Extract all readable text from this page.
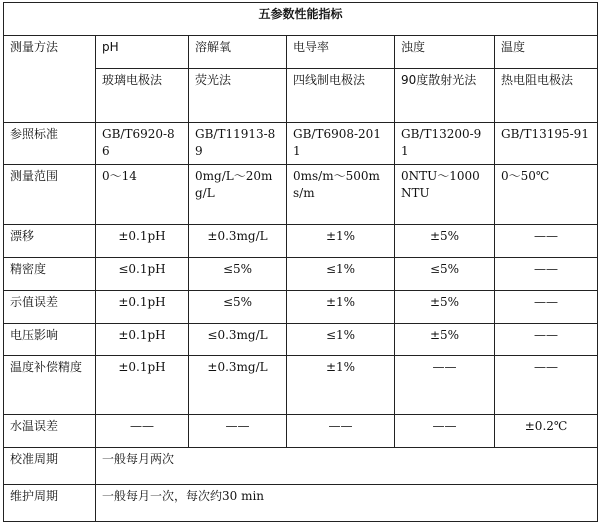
五参数性能指标					
测量方法	pH	溶解氧	电导率	浊度	温度
	玻璃电极法	荧光法	四线制电极法	90度散射光法	热电阻电极法
参照标准	GB/T6920-86	GB/T11913-89	GB/T6908-2011	GB/T13200-91	GB/T13195-91
测量范围	0～14	0mg/L～20mg/L	0ms/m～500ms/m	0NTU～1000NTU	0～50℃
漂移	±0.1pH	±0.3mg/L	±1%	±5%	——
精密度	≤0.1pH	≤5%	≤1%	≤5%	——
示值误差	±0.1pH	≤5%	±1%	±5%	——
电压影响	±0.1pH	≤0.3mg/L	≤1%	±5%	——
温度补偿精度	±0.1pH	±0.3mg/L	±1%	——	——
水温误差	——	——	——	——	±0.2℃
校准周期	一般每月两次				
维护周期	一般每月一次，每次约30 min				
